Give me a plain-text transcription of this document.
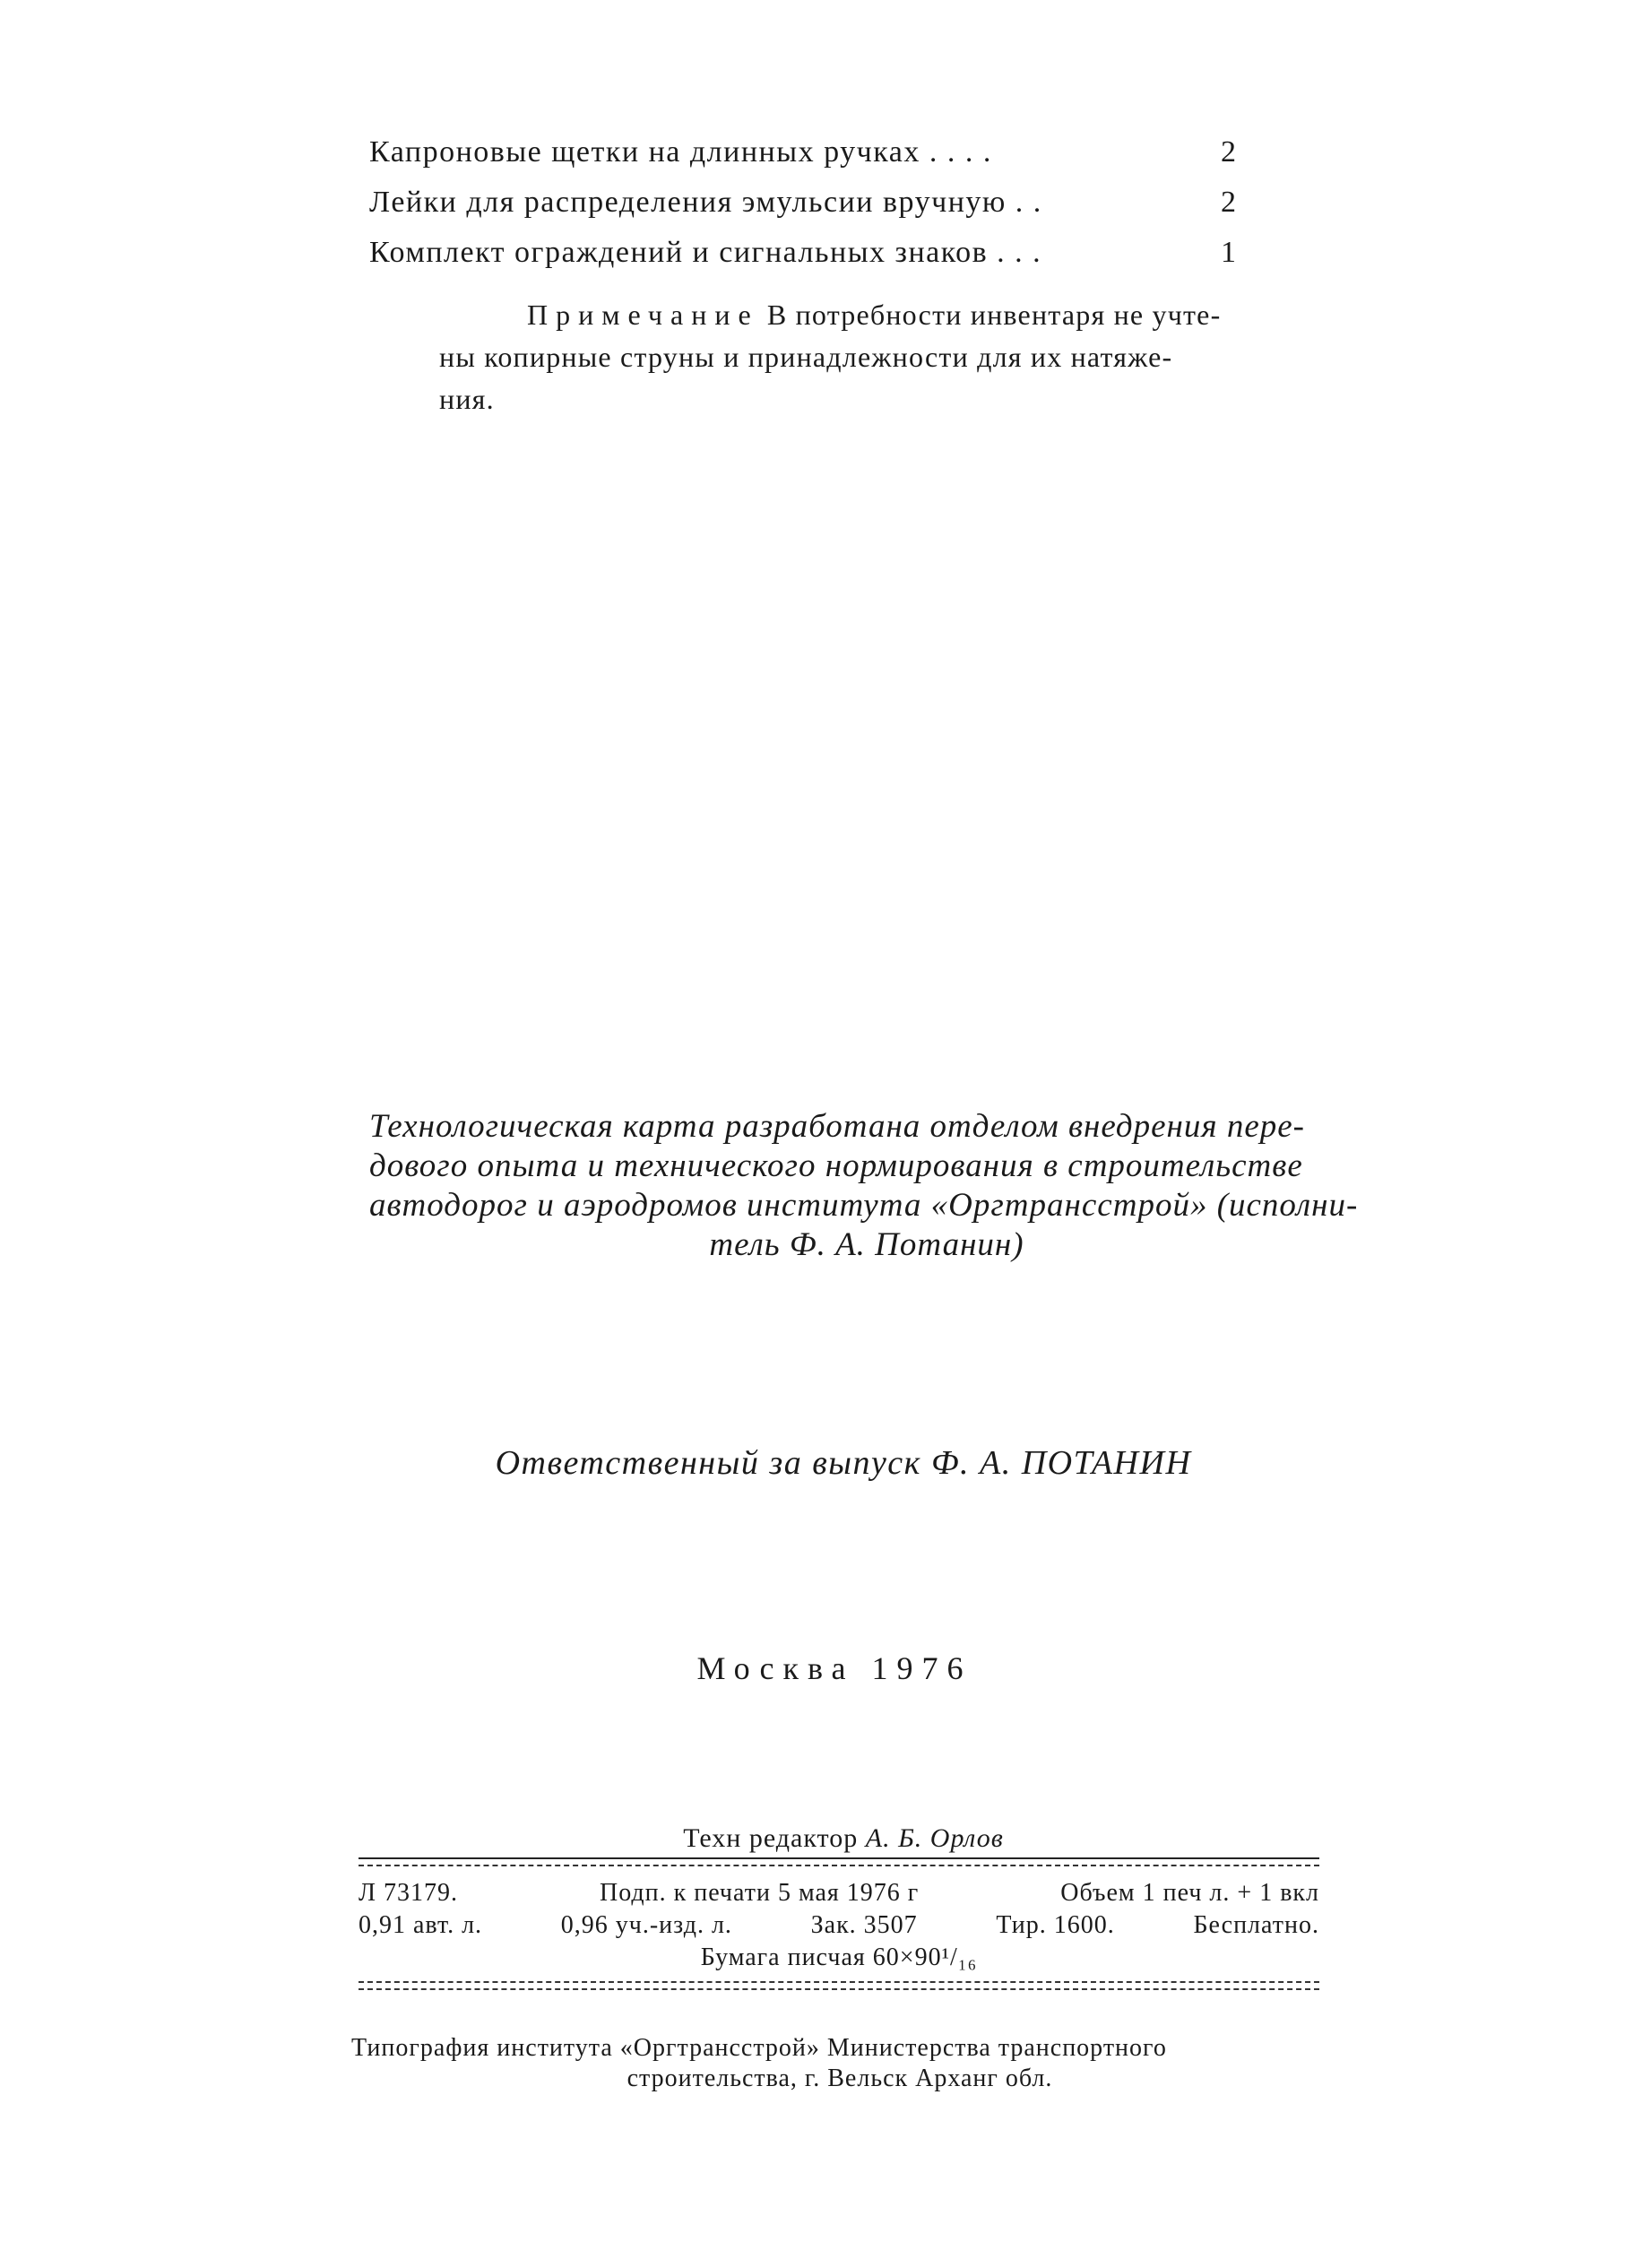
Капроновые щетки на длинных ручках . . . .	2
Лейки для распределения эмульсии вручную . .	2
Комплект ограждений и сигнальных знаков . . .	1
Примечание В потребности инвентаря не учте-
ны копирные струны и принадлежности для их натяже-
ния.
Технологическая карта разработана отделом внедрения пере-
дового опыта и технического нормирования в строительстве
автодорог и аэродромов института «Оргтрансстрой» (исполни-
тель Ф. А. Потанин)
Ответственный за выпуск Ф. А. ПОТАНИН
Москва 1976
Техн редактор А. Б. Орлов
Л 73179.	Подп. к печати 5 мая 1976 г	Объем 1 печ л. + 1 вкл
0,91 авт. л.	0,96 уч.-изд. л.	Зак. 3507	Тир. 1600.	Бесплатно.
Бумага писчая 60×90¹/₁₆
Типография института «Оргтрансстрой» Министерства транспортного
строительства, г. Вельск Арханг обл.
